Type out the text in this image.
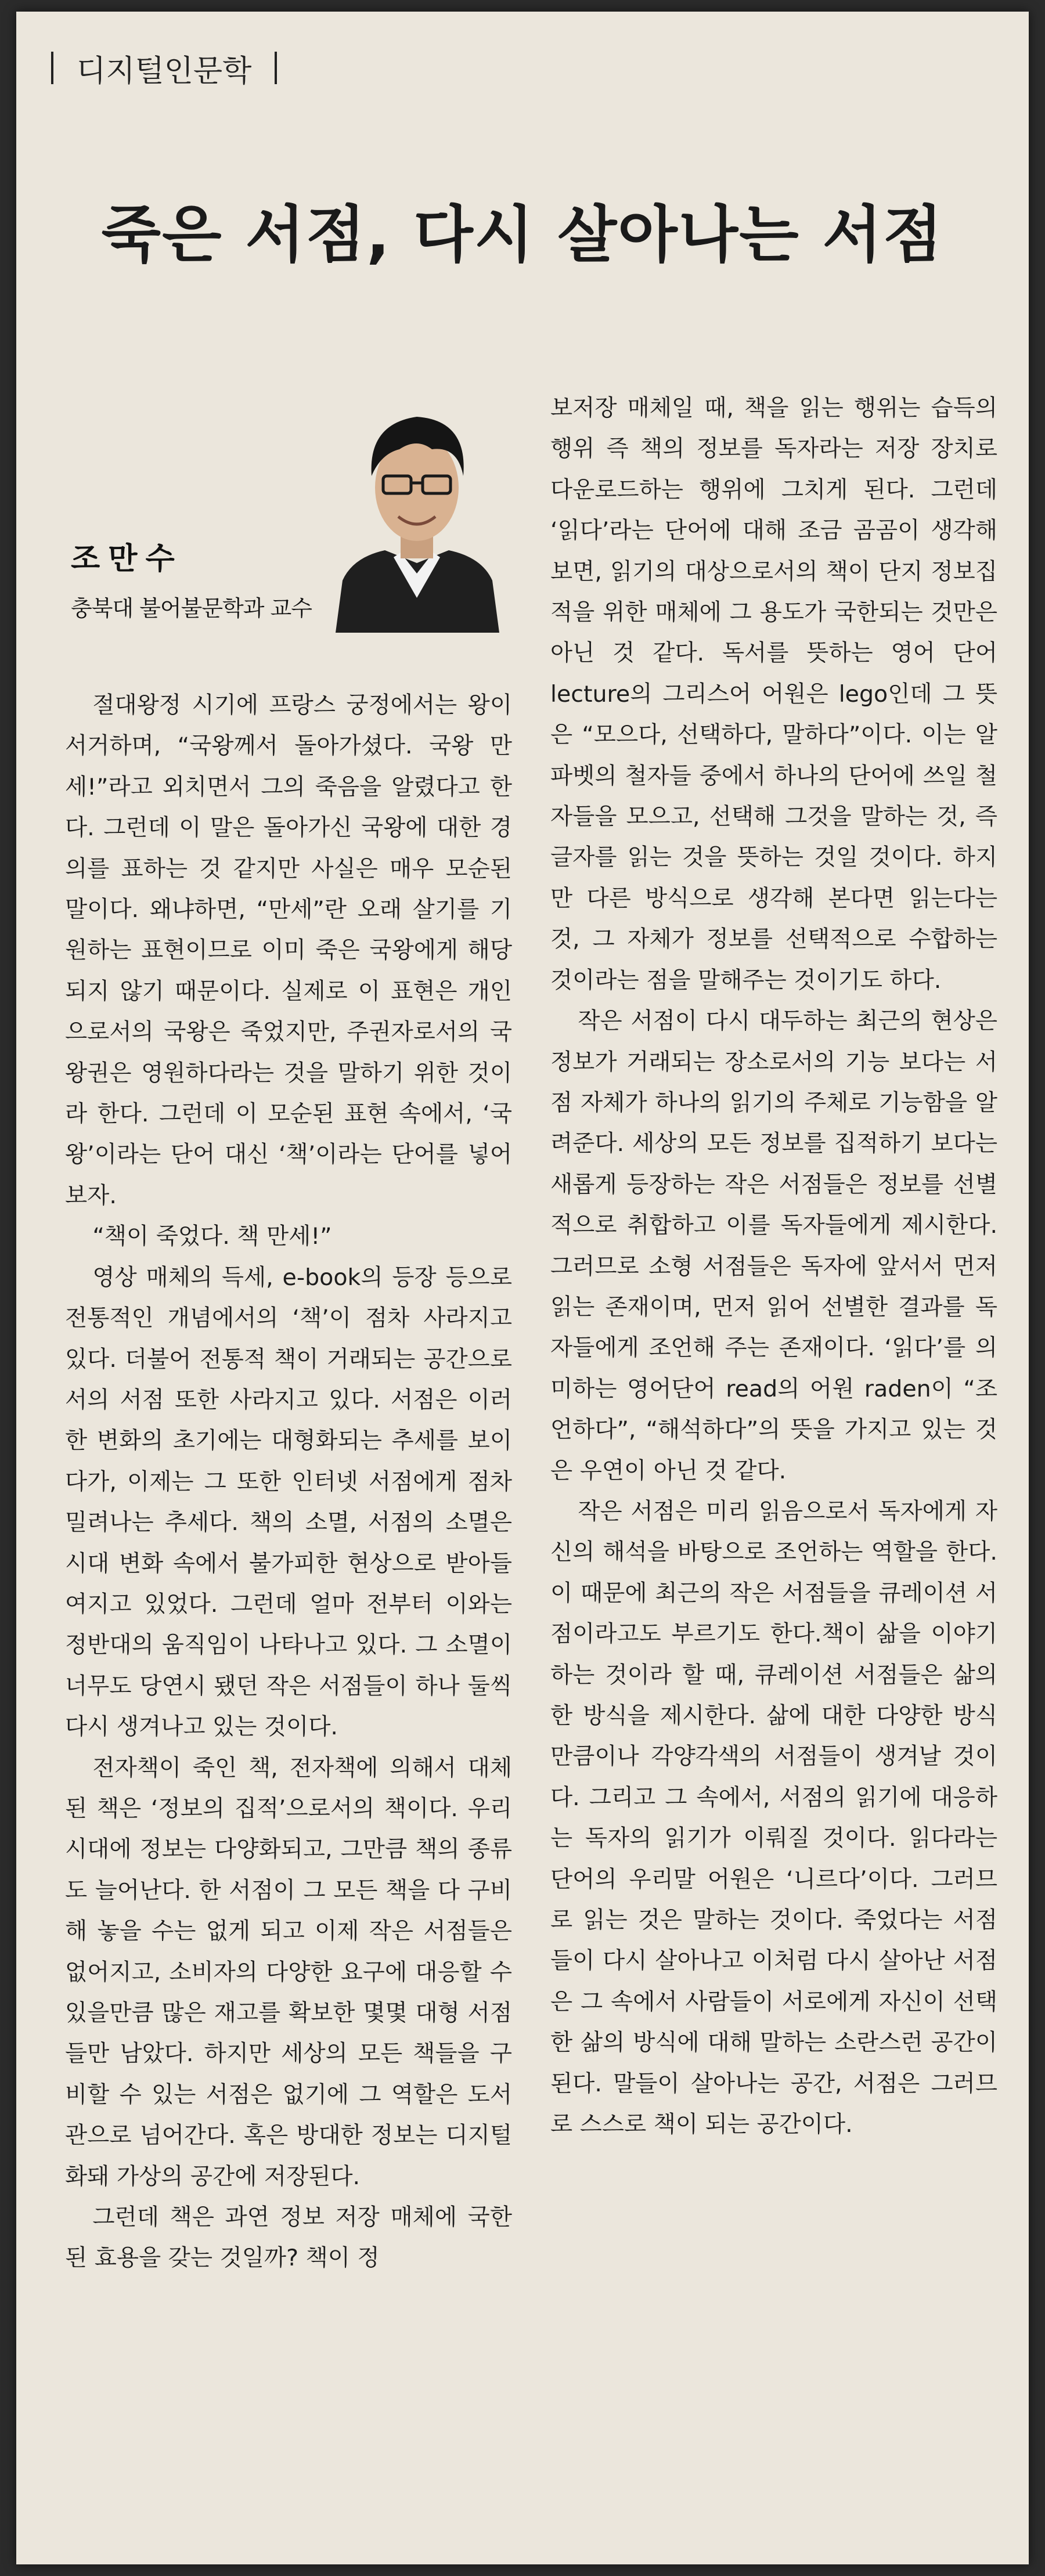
디지털인문학
죽은 서점, 다시 살아나는 서점
조만수
충북대 불어불문학과 교수

절대왕정 시기에 프랑스 궁정에서는 왕이 서거하며, “국왕께서 돌아가셨다. 국왕 만세!”라고 외치면서 그의 죽음을 알렸다고 한다. 그런데 이 말은 돌아가신 국왕에 대한 경의를 표하는 것 같지만 사실은 매우 모순된 말이다. 왜냐하면, “만세”란 오래 살기를 기원하는 표현이므로 이미 죽은 국왕에게 해당되지 않기 때문이다. 실제로 이 표현은 개인으로서의 국왕은 죽었지만, 주권자로서의 국왕권은 영원하다라는 것을 말하기 위한 것이라 한다. 그런데 이 모순된 표현 속에서, ‘국왕’이라는 단어 대신 ‘책’이라는 단어를 넣어보자.

“책이 죽었다. 책 만세!”

영상 매체의 득세, e-book의 등장 등으로 전통적인 개념에서의 ‘책’이 점차 사라지고 있다. 더불어 전통적 책이 거래되는 공간으로서의 서점 또한 사라지고 있다. 서점은 이러한 변화의 초기에는 대형화되는 추세를 보이다가, 이제는 그 또한 인터넷 서점에게 점차 밀려나는 추세다. 책의 소멸, 서점의 소멸은 시대 변화 속에서 불가피한 현상으로 받아들여지고 있었다. 그런데 얼마 전부터 이와는 정반대의 움직임이 나타나고 있다. 그 소멸이 너무도 당연시 됐던 작은 서점들이 하나 둘씩 다시 생겨나고 있는 것이다.

전자책이 죽인 책, 전자책에 의해서 대체된 책은 ‘정보의 집적’으로서의 책이다. 우리 시대에 정보는 다양화되고, 그만큼 책의 종류도 늘어난다. 한 서점이 그 모든 책을 다 구비해 놓을 수는 없게 되고 이제 작은 서점들은 없어지고, 소비자의 다양한 요구에 대응할 수 있을만큼 많은 재고를 확보한 몇몇 대형 서점들만 남았다. 하지만 세상의 모든 책들을 구비할 수 있는 서점은 없기에 그 역할은 도서관으로 넘어간다. 혹은 방대한 정보는 디지털화돼 가상의 공간에 저장된다.

그런데 책은 과연 정보 저장 매체에 국한 된 효용을 갖는 것일까? 책이 정

보저장 매체일 때, 책을 읽는 행위는 습득의 행위 즉 책의 정보를 독자라는 저장 장치로 다운로드하는 행위에 그치게 된다. 그런데 ‘읽다’라는 단어에 대해 조금 곰곰이 생각해 보면, 읽기의 대상으로서의 책이 단지 정보집적을 위한 매체에 그 용도가 국한되는 것만은 아닌 것 같다. 독서를 뜻하는 영어 단어 lecture의 그리스어 어원은 lego인데 그 뜻은 “모으다, 선택하다, 말하다”이다. 이는 알파벳의 철자들 중에서 하나의 단어에 쓰일 철자들을 모으고, 선택해 그것을 말하는 것, 즉 글자를 읽는 것을 뜻하는 것일 것이다. 하지만 다른 방식으로 생각해 본다면 읽는다는 것, 그 자체가 정보를 선택적으로 수합하는 것이라는 점을 말해주는 것이기도 하다.

작은 서점이 다시 대두하는 최근의 현상은 정보가 거래되는 장소로서의 기능 보다는 서점 자체가 하나의 읽기의 주체로 기능함을 알려준다. 세상의 모든 정보를 집적하기 보다는 새롭게 등장하는 작은 서점들은 정보를 선별적으로 취합하고 이를 독자들에게 제시한다. 그러므로 소형 서점들은 독자에 앞서서 먼저 읽는 존재이며, 먼저 읽어 선별한 결과를 독자들에게 조언해 주는 존재이다. ‘읽다’를 의미하는 영어단어 read의 어원 raden이 “조언하다”, “해석하다”의 뜻을 가지고 있는 것은 우연이 아닌 것 같다.

작은 서점은 미리 읽음으로서 독자에게 자신의 해석을 바탕으로 조언하는 역할을 한다. 이 때문에 최근의 작은 서점들을 큐레이션 서점이라고도 부르기도 한다.책이 삶을 이야기하는 것이라 할 때, 큐레이션 서점들은 삶의 한 방식을 제시한다. 삶에 대한 다양한 방식만큼이나 각양각색의 서점들이 생겨날 것이다. 그리고 그 속에서, 서점의 읽기에 대응하는 독자의 읽기가 이뤄질 것이다. 읽다라는 단어의 우리말 어원은 ‘니르다’이다. 그러므로 읽는 것은 말하는 것이다. 죽었다는 서점들이 다시 살아나고 이처럼 다시 살아난 서점은 그 속에서 사람들이 서로에게 자신이 선택한 삶의 방식에 대해 말하는 소란스런 공간이 된다. 말들이 살아나는 공간, 서점은 그러므로 스스로 책이 되는 공간이다.
